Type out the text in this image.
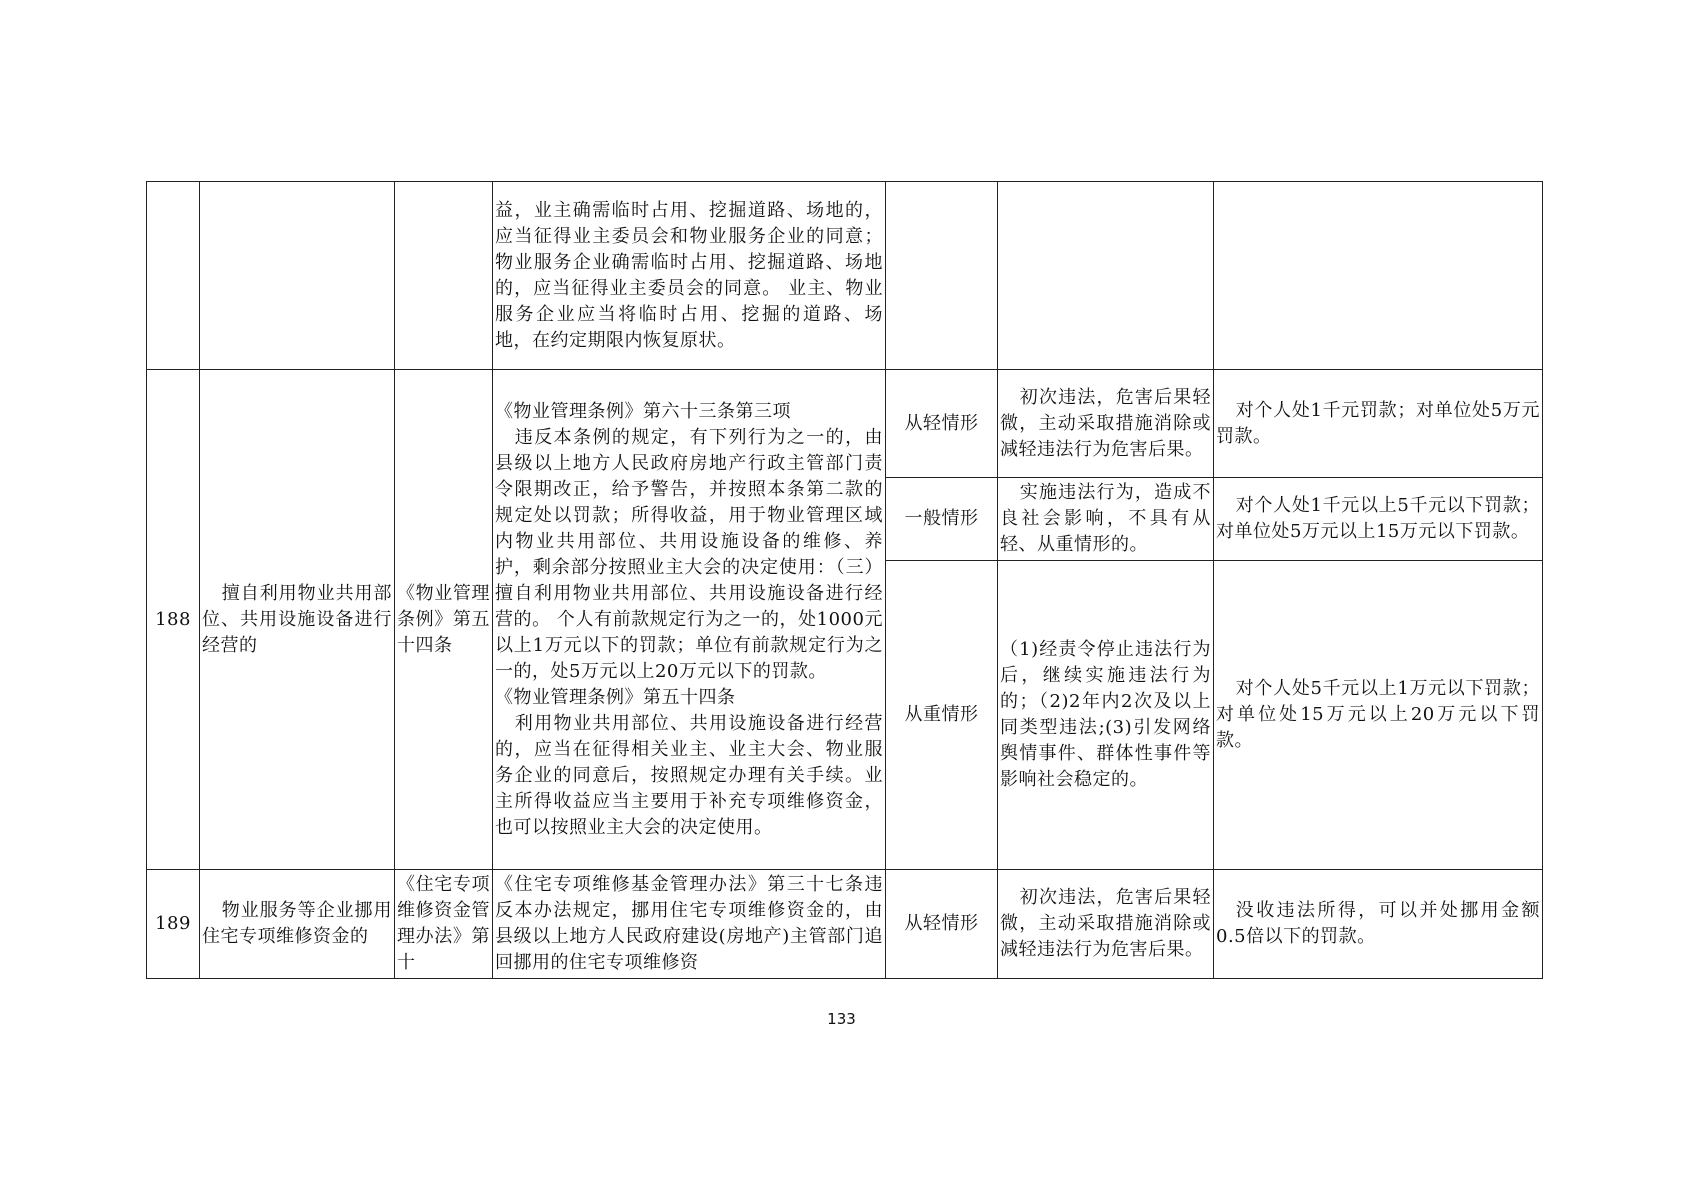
			益，业主确需临时占用、挖掘道路、场地的，应当征得业主委员会和物业服务企业的同意；物业服务企业确需临时占用、挖掘道路、场地的，应当征得业主委员会的同意。 业主、物业服务企业应当将临时占用、挖掘的道路、场地，在约定期限内恢复原状。			
188	擅自利用物业共用部位、共用设施设备进行经营的	《物业管理条例》第五十四条	《物业管理条例》第六十三条第三项

违反本条例的规定，有下列行为之一的，由县级以上地方人民政府房地产行政主管部门责令限期改正，给予警告，并按照本条第二款的规定处以罚款；所得收益，用于物业管理区域内物业共用部位、共用设施设备的维修、养护，剩余部分按照业主大会的决定使用：（三）擅自利用物业共用部位、共用设施设备进行经营的。 个人有前款规定行为之一的，处1000元以上1万元以下的罚款；单位有前款规定行为之一的，处5万元以上20万元以下的罚款。

《物业管理条例》第五十四条

利用物业共用部位、共用设施设备进行经营的，应当在征得相关业主、业主大会、物业服务企业的同意后，按照规定办理有关手续。业主所得收益应当主要用于补充专项维修资金，也可以按照业主大会的决定使用。	从轻情形	初次违法，危害后果轻微，主动采取措施消除或减轻违法行为危害后果。	对个人处1千元罚款；对单位处5万元罚款。
				一般情形	实施违法行为，造成不良社会影响，不具有从轻、从重情形的。	对个人处1千元以上5千元以下罚款；对单位处5万元以上15万元以下罚款。
				从重情形	（1)经责令停止违法行为后，继续实施违法行为的；（2)2年内2次及以上同类型违法;(3)引发网络舆情事件、群体性事件等影响社会稳定的。	对个人处5千元以上1万元以下罚款；对单位处15万元以上20万元以下罚款。
189	物业服务等企业挪用住宅专项维修资金的	《住宅专项维修资金管理办法》第十	《住宅专项维修基金管理办法》第三十七条违反本办法规定，挪用住宅专项维修资金的，由县级以上地方人民政府建设(房地产)主管部门追回挪用的住宅专项维修资	从轻情形	初次违法，危害后果轻微，主动采取措施消除或减轻违法行为危害后果。	没收违法所得，可以并处挪用金额0.5倍以下的罚款。
133
